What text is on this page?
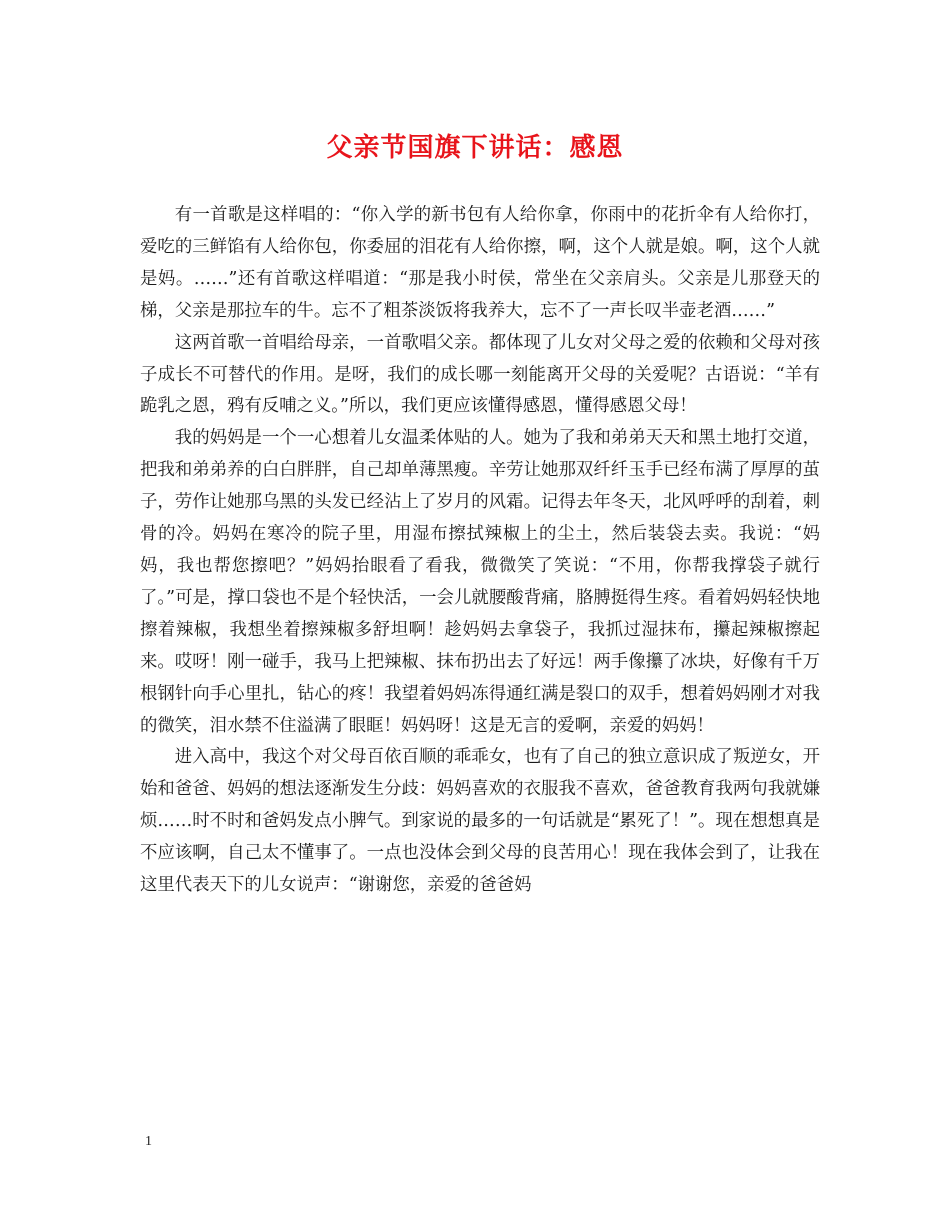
父亲节国旗下讲话：感恩

有一首歌是这样唱的：“你入学的新书包有人给你拿，你雨中的花折伞有人给你打，爱吃的三鲜馅有人给你包，你委屈的泪花有人给你擦，啊，这个人就是娘。啊，这个人就是妈。……”还有首歌这样唱道：“那是我小时侯，常坐在父亲肩头。父亲是儿那登天的梯，父亲是那拉车的牛。忘不了粗茶淡饭将我养大，忘不了一声长叹半壶老酒……”

这两首歌一首唱给母亲，一首歌唱父亲。都体现了儿女对父母之爱的依赖和父母对孩子成长不可替代的作用。是呀，我们的成长哪一刻能离开父母的关爱呢？古语说：“羊有跪乳之恩，鸦有反哺之义。”所以，我们更应该懂得感恩，懂得感恩父母！

我的妈妈是一个一心想着儿女温柔体贴的人。她为了我和弟弟天天和黑土地打交道，把我和弟弟养的白白胖胖，自己却单薄黑瘦。辛劳让她那双纤纤玉手已经布满了厚厚的茧子，劳作让她那乌黑的头发已经沾上了岁月的风霜。记得去年冬天，北风呼呼的刮着，刺骨的冷。妈妈在寒冷的院子里，用湿布擦拭辣椒上的尘土，然后装袋去卖。我说：“妈妈，我也帮您擦吧？”妈妈抬眼看了看我，微微笑了笑说：“不用，你帮我撑袋子就行了。”可是，撑口袋也不是个轻快活，一会儿就腰酸背痛，胳膊挺得生疼。看着妈妈轻快地擦着辣椒，我想坐着擦辣椒多舒坦啊！趁妈妈去拿袋子，我抓过湿抹布，攥起辣椒擦起来。哎呀！刚一碰手，我马上把辣椒、抹布扔出去了好远！两手像攥了冰块，好像有千万根钢针向手心里扎，钻心的疼！我望着妈妈冻得通红满是裂口的双手，想着妈妈刚才对我的微笑，泪水禁不住溢满了眼眶！妈妈呀！这是无言的爱啊，亲爱的妈妈！

进入高中，我这个对父母百依百顺的乖乖女，也有了自己的独立意识成了叛逆女，开始和爸爸、妈妈的想法逐渐发生分歧：妈妈喜欢的衣服我不喜欢，爸爸教育我两句我就嫌烦……时不时和爸妈发点小脾气。到家说的最多的一句话就是“累死了！”。现在想想真是不应该啊，自己太不懂事了。一点也没体会到父母的良苦用心！现在我体会到了，让我在这里代表天下的儿女说声：“谢谢您，亲爱的爸爸妈

1
